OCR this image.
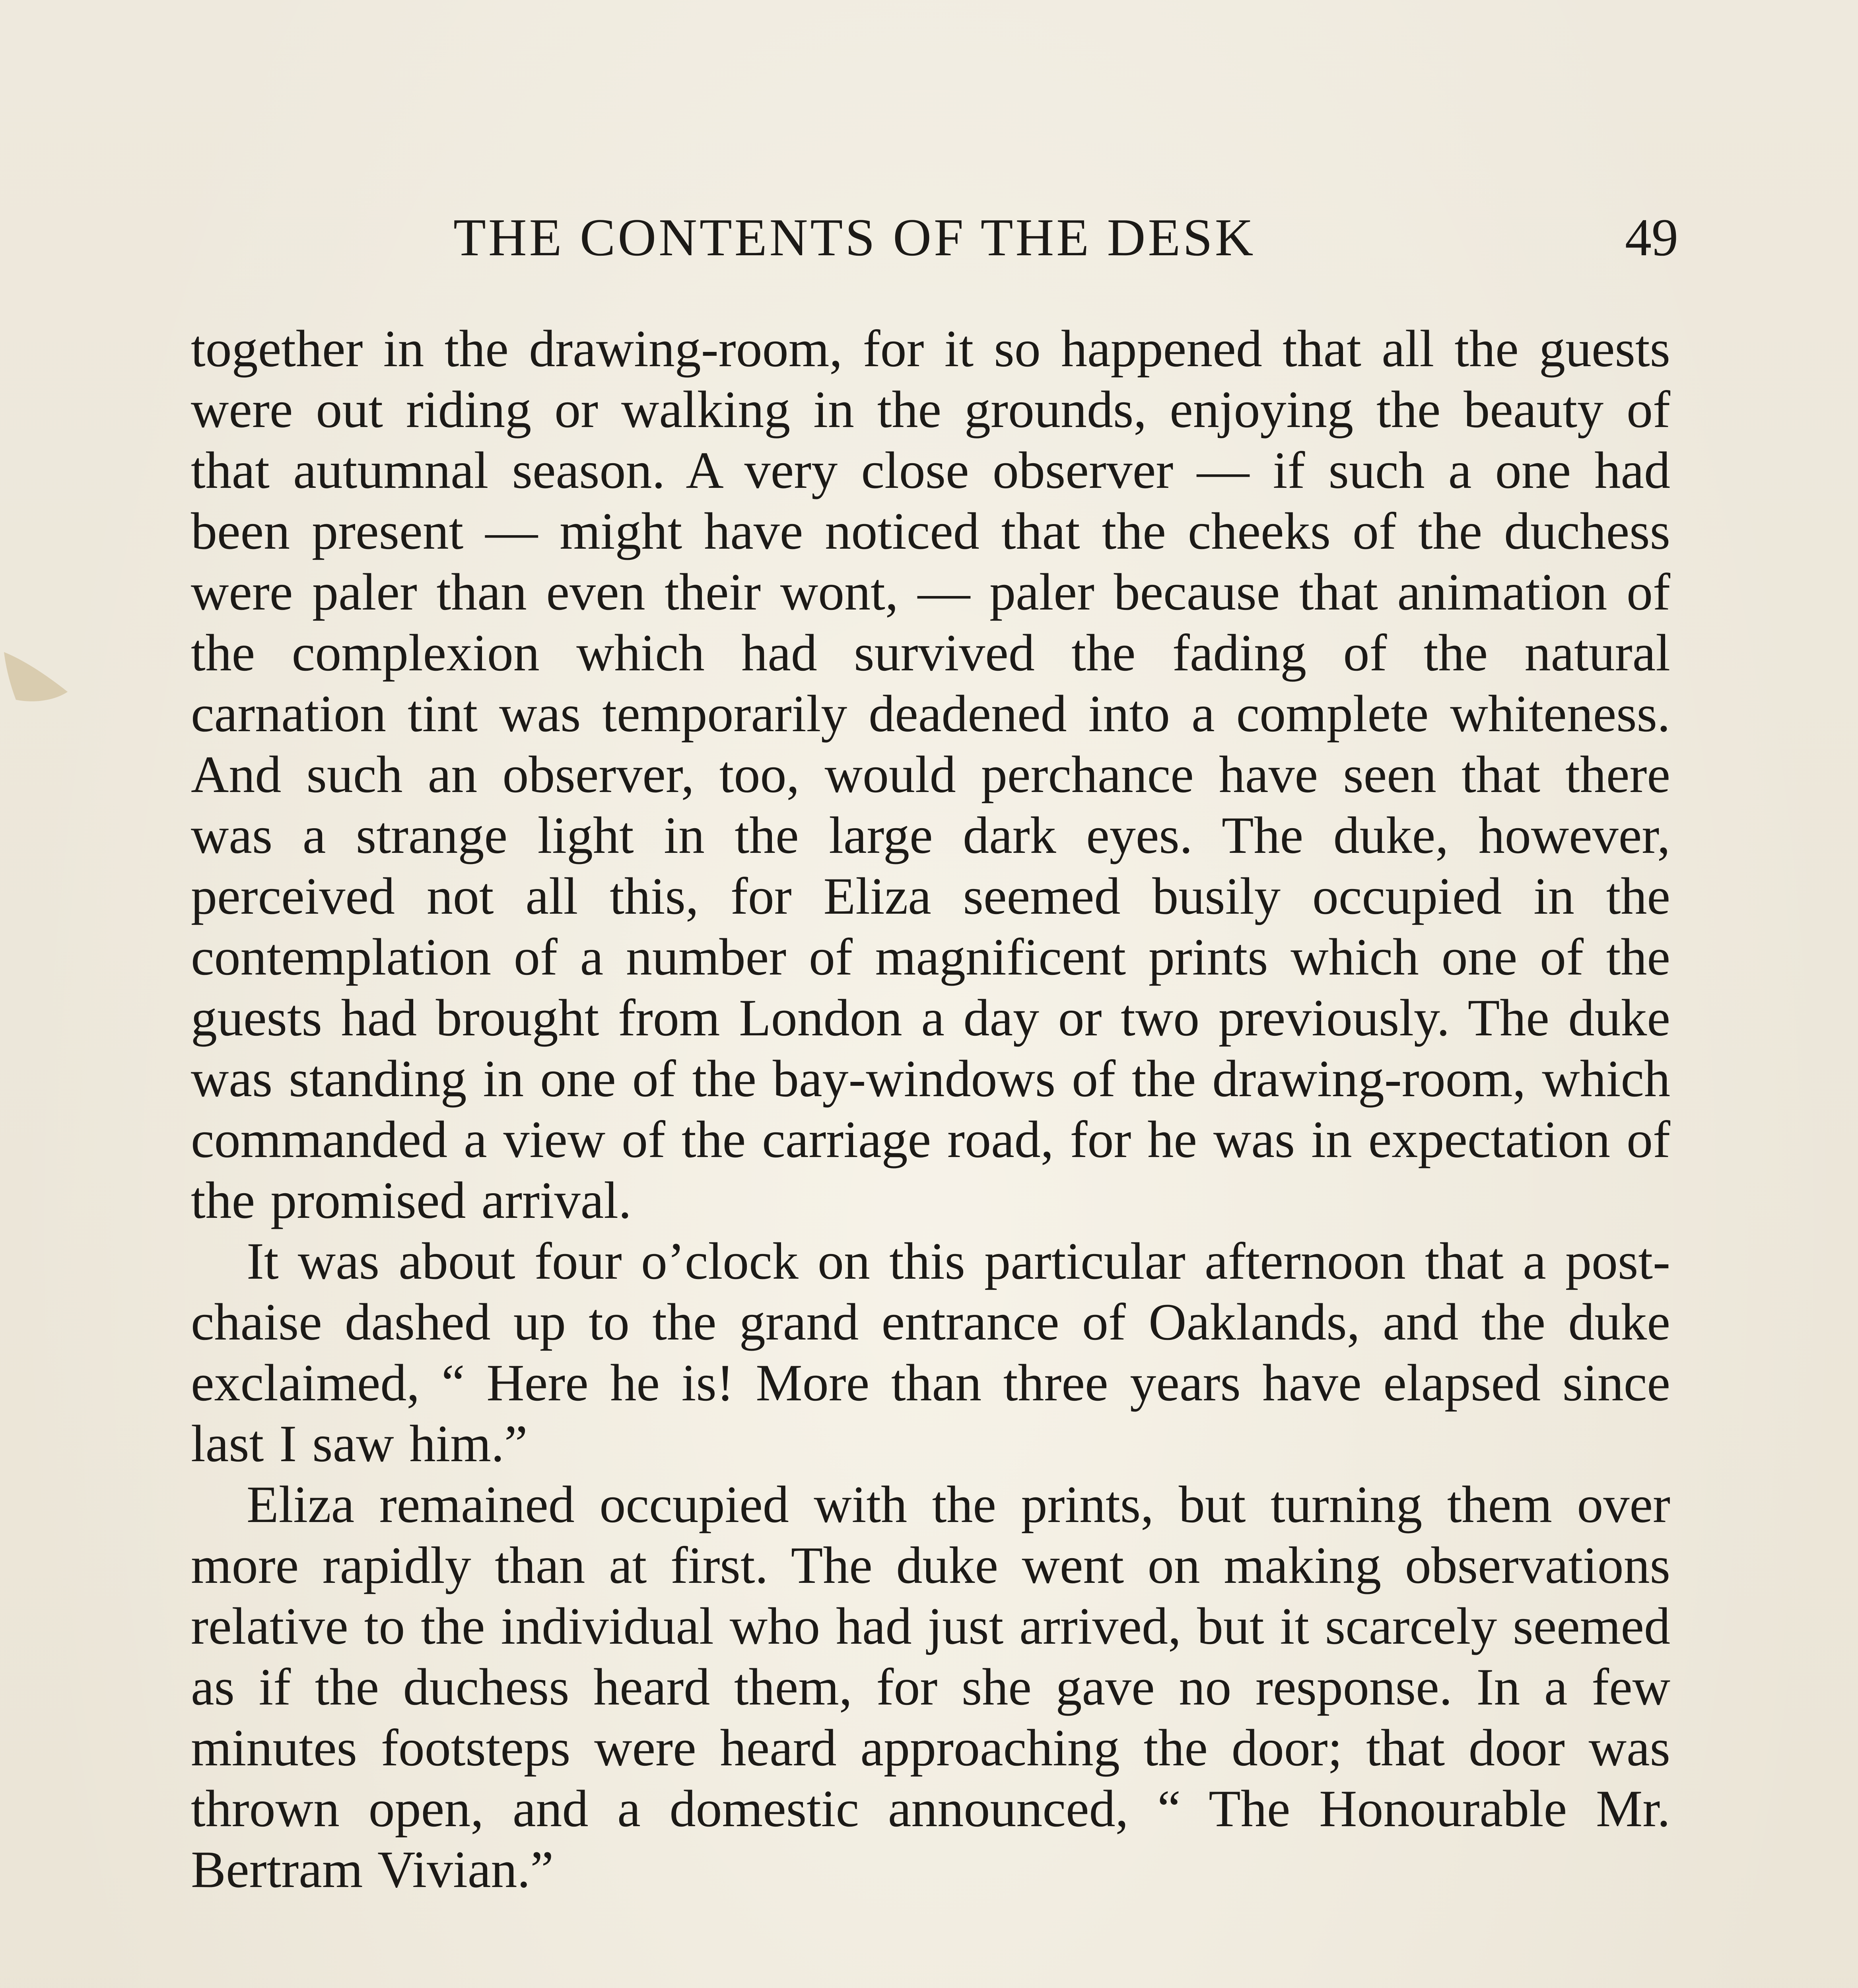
THE CONTENTS OF THE DESK	49

together in the drawing-room, for it so happened that all the guests were out riding or walking in the grounds, enjoying the beauty of that autumnal season. A very close observer — if such a one had been present — might have noticed that the cheeks of the duchess were paler than even their wont, — paler because that animation of the complexion which had survived the fading of the natural carnation tint was temporarily deadened into a complete whiteness. And such an observer, too, would perchance have seen that there was a strange light in the large dark eyes. The duke, however, perceived not all this, for Eliza seemed busily occupied in the contemplation of a number of magnificent prints which one of the guests had brought from London a day or two previously. The duke was standing in one of the bay-windows of the drawing-room, which commanded a view of the carriage road, for he was in expectation of the promised arrival.

It was about four o’clock on this particular afternoon that a post-chaise dashed up to the grand entrance of Oaklands, and the duke exclaimed, “ Here he is! More than three years have elapsed since last I saw him.”

Eliza remained occupied with the prints, but turning them over more rapidly than at first. The duke went on making observations relative to the individual who had just arrived, but it scarcely seemed as if the duchess heard them, for she gave no response. In a few minutes footsteps were heard approaching the door; that door was thrown open, and a domestic announced, “ The Honourable Mr. Bertram Vivian.”
